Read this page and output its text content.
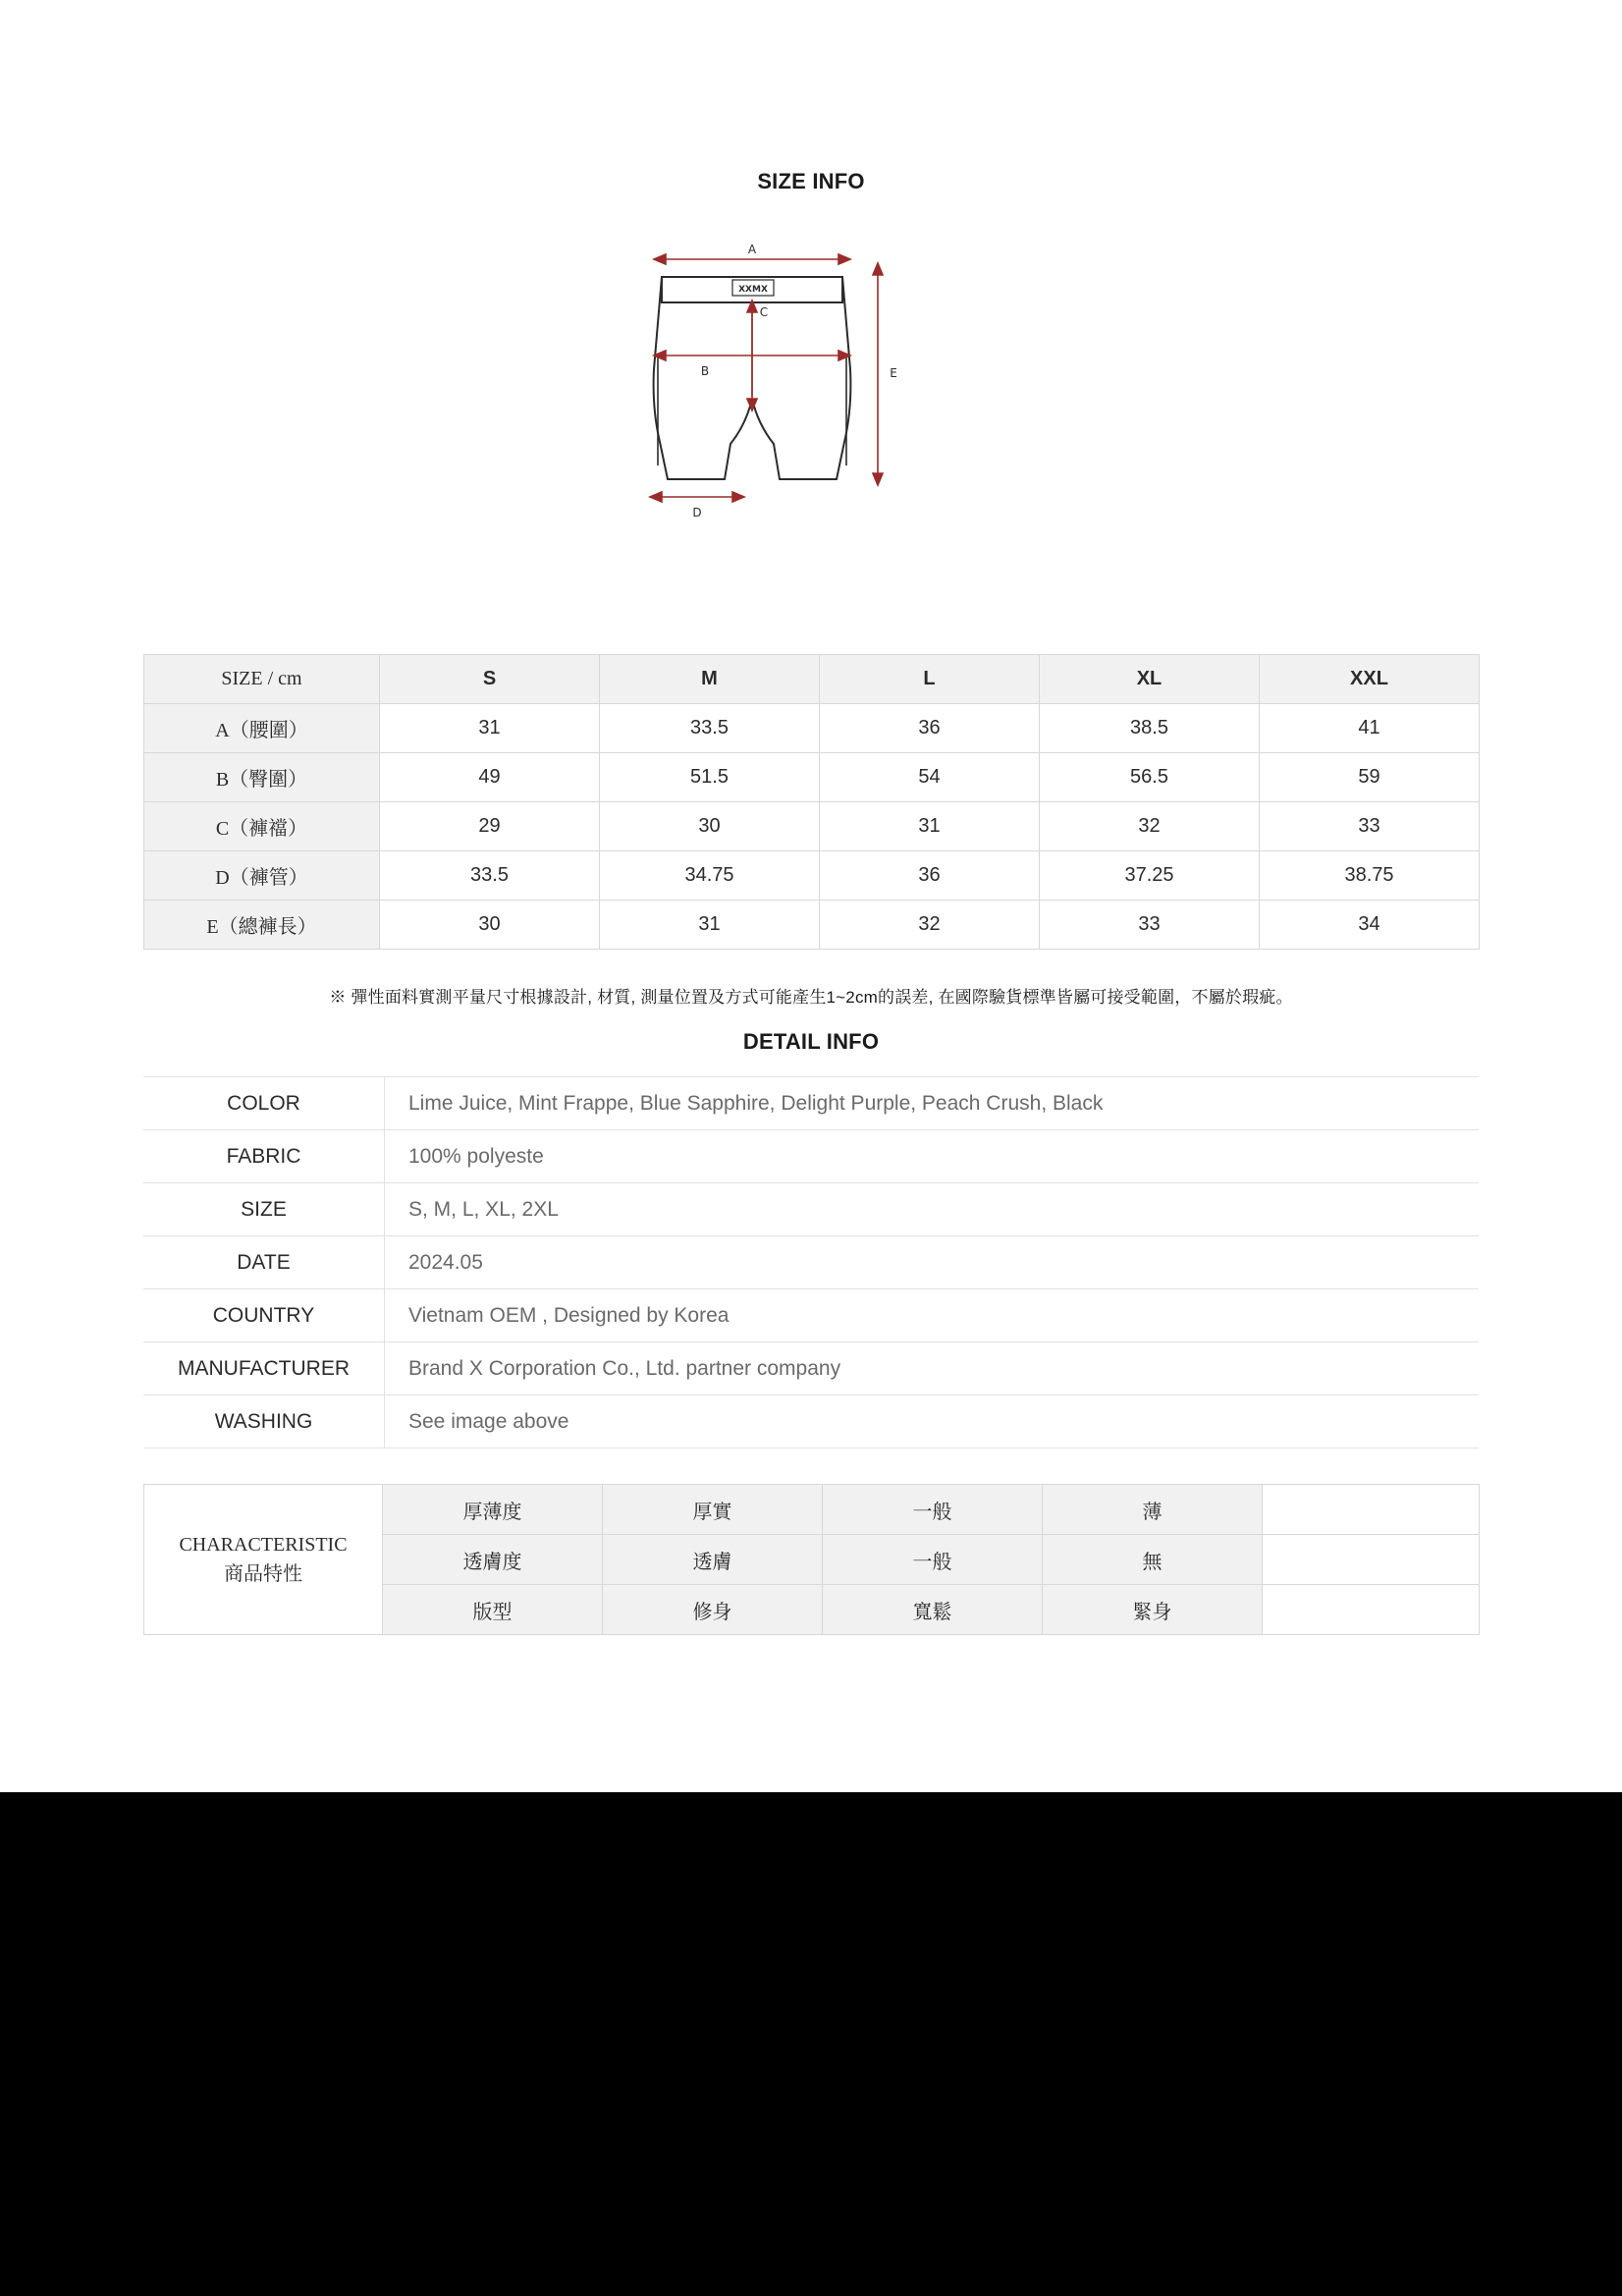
SIZE INFO
XXMX
A
B
C
D
E
SIZE / cm	S	M	L	XL	XXL
A（腰圍）	31	33.5	36	38.5	41
B（臀圍）	49	51.5	54	56.5	59
C（褲襠）	29	30	31	32	33
D（褲管）	33.5	34.75	36	37.25	38.75
E（總褲長）	30	31	32	33	34
※ 彈性面料實測平量尺寸根據設計, 材質, 測量位置及方式可能產生1~2cm的誤差, 在國際驗貨標準皆屬可接受範圍，不屬於瑕疵。
DETAIL INFO
COLOR	Lime Juice, Mint Frappe, Blue Sapphire, Delight Purple, Peach Crush, Black
FABRIC	100% polyeste
SIZE	S, M, L, XL, 2XL
DATE	2024.05
COUNTRY	Vietnam OEM , Designed by Korea
MANUFACTURER	Brand X Corporation Co., Ltd. partner company
WASHING	See image above
CHARACTERISTIC
商品特性	厚薄度	厚實	一般	薄	
	透膚度	透膚	一般	無	
	版型	修身	寬鬆	緊身	
